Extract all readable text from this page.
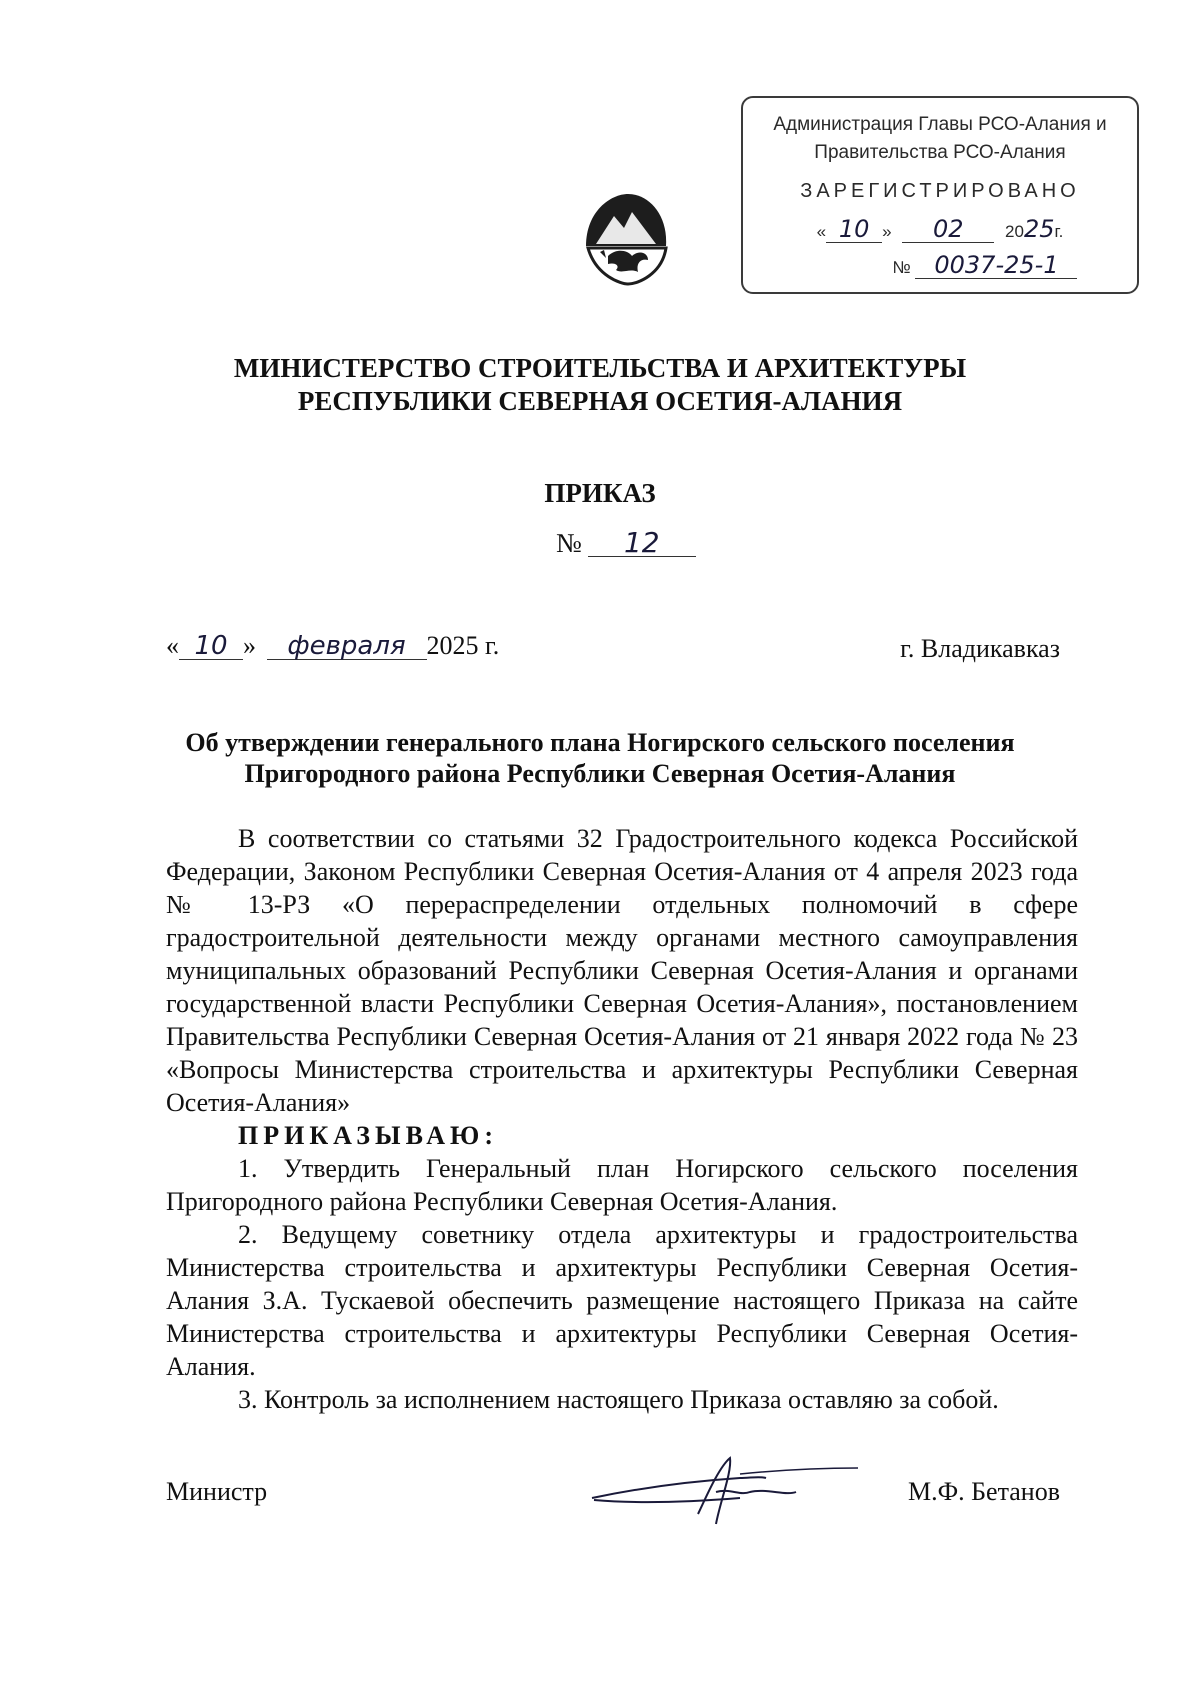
Администрация Главы РСО-Алания и
Правительства РСО-Алания
ЗАРЕГИСТРИРОВАНО
« 10 » 02 2025г.
№ 0037-25-1
МИНИСТЕРСТВО СТРОИТЕЛЬСТВА И АРХИТЕКТУРЫ
РЕСПУБЛИКИ СЕВЕРНАЯ ОСЕТИЯ-АЛАНИЯ
ПРИКАЗ
№ 12
« 10 » февраля 2025 г.	г. Владикавказ
Об утверждении генерального плана Ногирского сельского поселения
Пригородного района Республики Северная Осетия-Алания

В соответствии со статьями 32 Градостроительного кодекса Российской Федерации, Законом Республики Северная Осетия-Алания от 4 апреля 2023 года № 13-РЗ «О перераспределении отдельных полномочий в сфере градостроительной деятельности между органами местного самоуправления муниципальных образований Республики Северная Осетия-Алания и органами государственной власти Республики Северная Осетия-Алания», постановлением Правительства Республики Северная Осетия-Алания от 21 января 2022 года № 23 «Вопросы Министерства строительства и архитектуры Республики Северная Осетия-Алания»

ПРИКАЗЫВАЮ:

1. Утвердить Генеральный план Ногирского сельского поселения Пригородного района Республики Северная Осетия-Алания.

2. Ведущему советнику отдела архитектуры и градостроительства Министерства строительства и архитектуры Республики Северная Осетия-Алания З.А. Тускаевой обеспечить размещение настоящего Приказа на сайте Министерства строительства и архитектуры Республики Северная Осетия-Алания.

3. Контроль за исполнением настоящего Приказа оставляю за собой.

Министр	М.Ф. Бетанов
